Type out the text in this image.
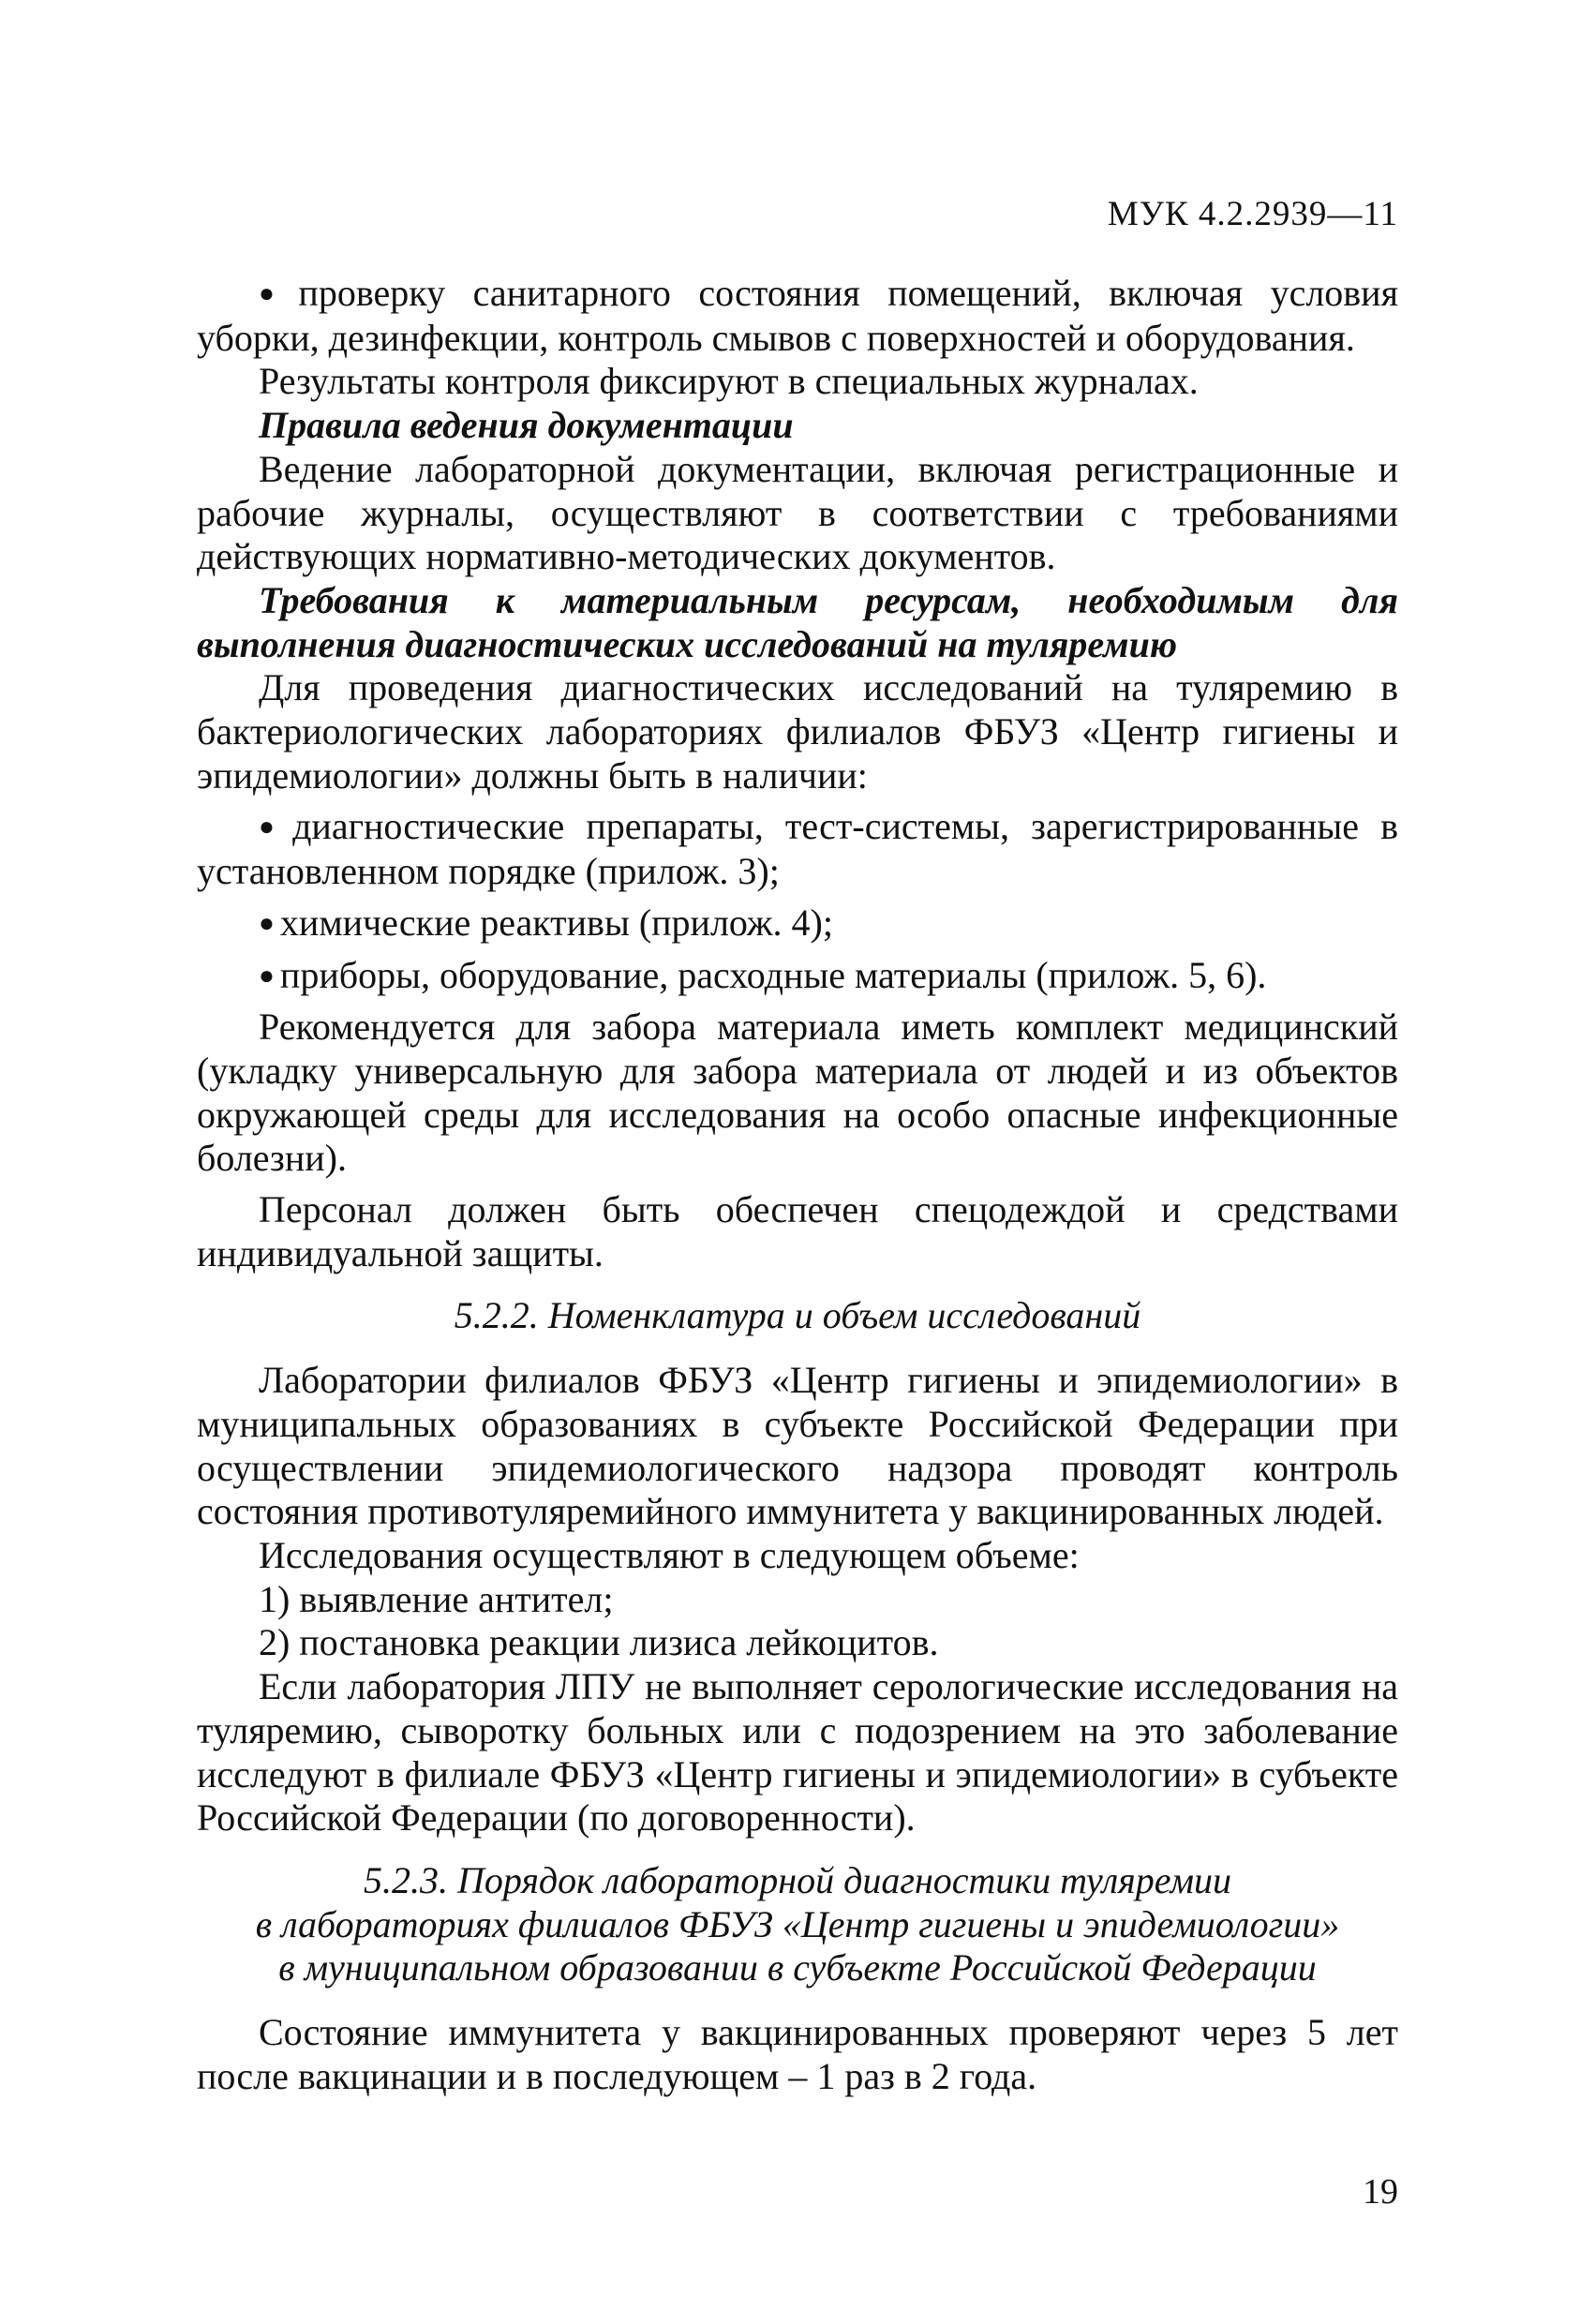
МУК 4.2.2939—11

● проверку санитарного состояния помещений, включая условия уборки, дезинфекции, контроль смывов с поверхностей и оборудования.

Результаты контроля фиксируют в специальных журналах.

Правила ведения документации

Ведение лабораторной документации, включая регистрационные и рабочие журналы, осуществляют в соответствии с требованиями действующих нормативно-методических документов.

Требования к материальным ресурсам, необходимым для выполнения диагностических исследований на туляремию

Для проведения диагностических исследований на туляремию в бактериологических лабораториях филиалов ФБУЗ «Центр гигиены и эпидемиологии» должны быть в наличии:

● диагностические препараты, тест-системы, зарегистрированные в установленном порядке (прилож. 3);

● химические реактивы (прилож. 4);

● приборы, оборудование, расходные материалы (прилож. 5, 6).

Рекомендуется для забора материала иметь комплект медицинский (укладку универсальную для забора материала от людей и из объектов окружающей среды для исследования на особо опасные инфекционные болезни).

Персонал должен быть обеспечен спецодеждой и средствами индивидуальной защиты.

5.2.2. Номенклатура и объем исследований

Лаборатории филиалов ФБУЗ «Центр гигиены и эпидемиологии» в муниципальных образованиях в субъекте Российской Федерации при осуществлении эпидемиологического надзора проводят контроль состояния противотуляремийного иммунитета у вакцинированных людей.

Исследования осуществляют в следующем объеме:

1) выявление антител;

2) постановка реакции лизиса лейкоцитов.

Если лаборатория ЛПУ не выполняет серологические исследования на туляремию, сыворотку больных или с подозрением на это заболевание исследуют в филиале ФБУЗ «Центр гигиены и эпидемиологии» в субъекте Российской Федерации (по договоренности).

5.2.3. Порядок лабораторной диагностики туляремии
в лабораториях филиалов ФБУЗ «Центр гигиены и эпидемиологии»
в муниципальном образовании в субъекте Российской Федерации

Состояние иммунитета у вакцинированных проверяют через 5 лет после вакцинации и в последующем – 1 раз в 2 года.

19
